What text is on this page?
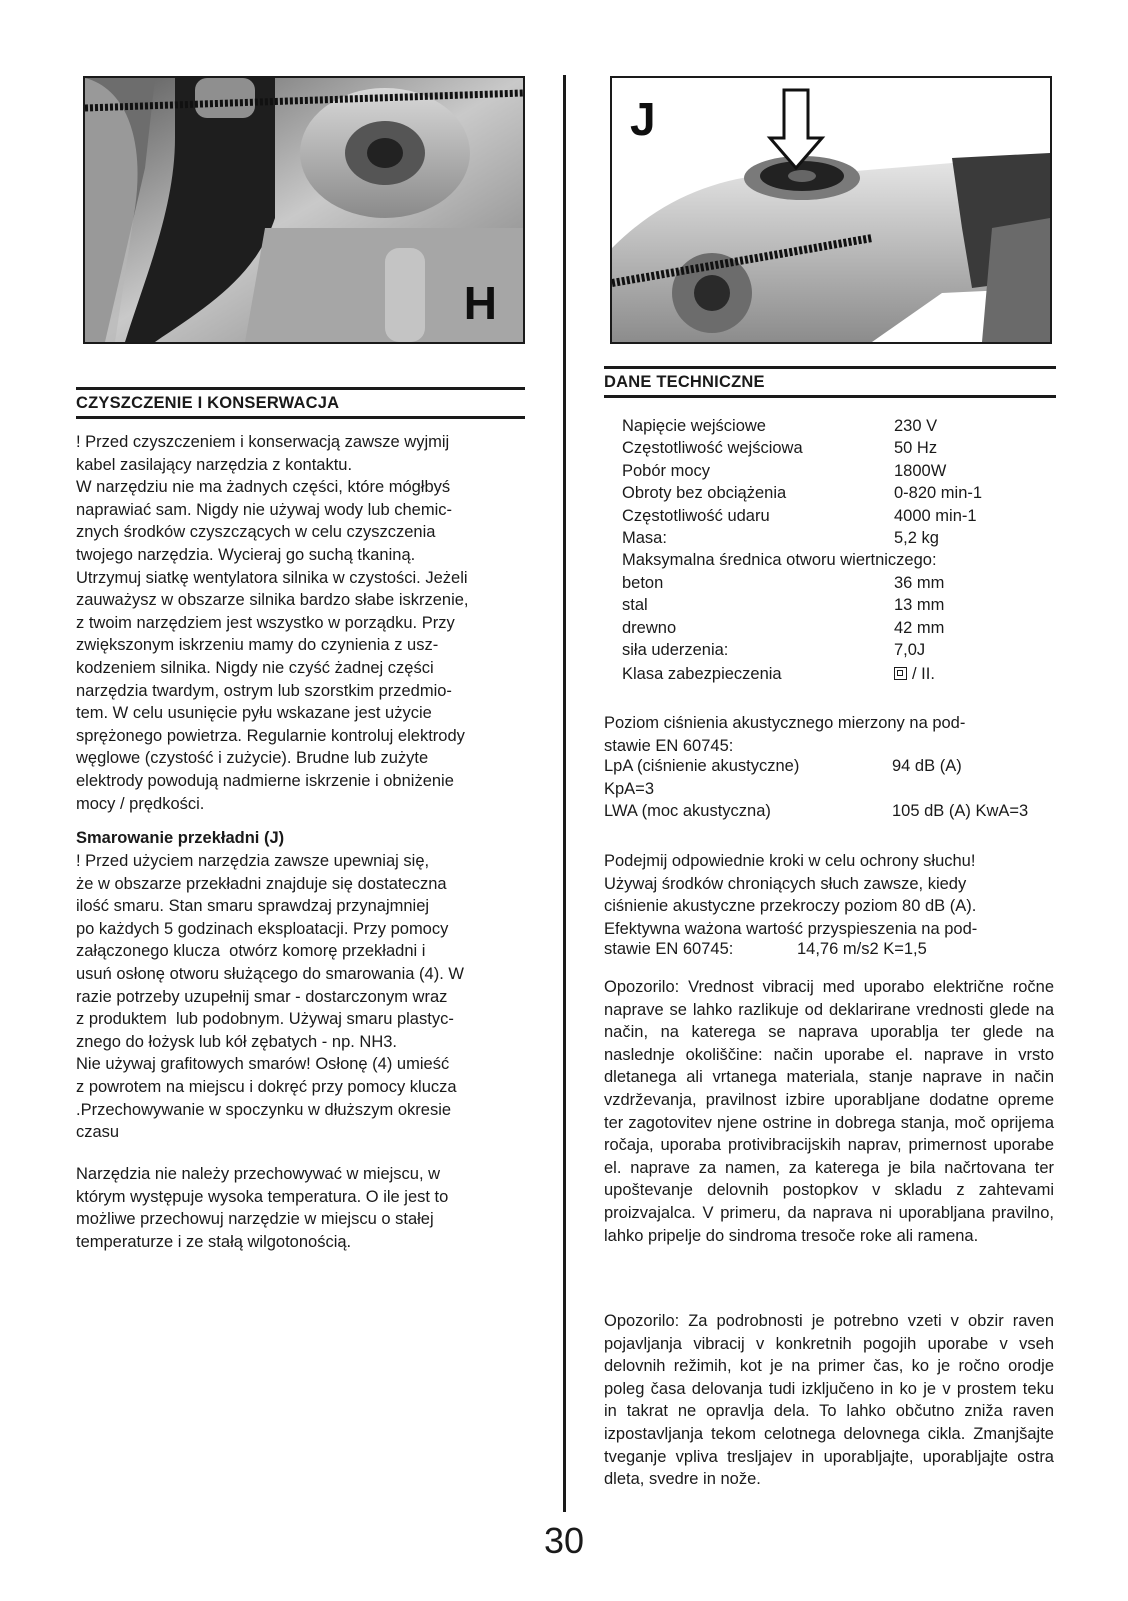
H
J
CZYSZCZENIE I KONSERWACJA
! Przed czyszczeniem i konserwacją zawsze wyjmij
kabel zasilający narzędzia z kontaktu.
W narzędziu nie ma żadnych części, które mógłbyś
naprawiać sam. Nigdy nie używaj wody lub chemic-
znych środków czyszczących w celu czyszczenia
twojego narzędzia. Wycieraj go suchą tkaniną.
Utrzymuj siatkę wentylatora silnika w czystości. Jeżeli
zauważysz w obszarze silnika bardzo słabe iskrzenie,
z twoim narzędziem jest wszystko w porządku. Przy
zwiększonym iskrzeniu mamy do czynienia z usz-
kodzeniem silnika. Nigdy nie czyść żadnej części
narzędzia twardym, ostrym lub szorstkim przedmio-
tem. W celu usunięcie pyłu wskazane jest użycie
sprężonego powietrza. Regularnie kontroluj elektrody
węglowe (czystość i zużycie). Brudne lub zużyte
elektrody powodują nadmierne iskrzenie i obniżenie
mocy / prędkości.
Smarowanie przekładni (J)
! Przed użyciem narzędzia zawsze upewniaj się,
że w obszarze przekładni znajduje się dostateczna
ilość smaru. Stan smaru sprawdzaj przynajmniej
po każdych 5 godzinach eksploatacji. Przy pomocy
załączonego klucza  otwórz komorę przekładni i
usuń osłonę otworu służącego do smarowania (4). W
razie potrzeby uzupełnij smar - dostarczonym wraz
z produktem  lub podobnym. Używaj smaru plastyc-
znego do łożysk lub kół zębatych - np. NH3.
Nie używaj grafitowych smarów! Osłonę (4) umieść
z powrotem na miejscu i dokręć przy pomocy klucza
.Przechowywanie w spoczynku w dłuższym okresie
czasu
Narzędzia nie należy przechowywać w miejscu, w
którym występuje wysoka temperatura. O ile jest to
możliwe przechowuj narzędzie w miejscu o stałej
temperaturze i ze stałą wilgotonością.
DANE TECHNICZNE
Napięcie wejściowe	230 V
Częstotliwość wejściowa	50 Hz
Pobór mocy	1800W
Obroty bez obciążenia	0-820 min-1
Częstotliwość udaru	4000 min-1
Masa:	5,2 kg
Maksymalna średnica otworu wiertniczego:	
beton	36 mm
stal	13 mm
drewno	42 mm
siła uderzenia:	7,0J
Klasa zabezpieczenia	/ II.
Poziom ciśnienia akustycznego mierzony na pod-
stawie EN 60745:
LpA (ciśnienie akustyczne)	94 dB (A)
KpA=3
LWA (moc akustyczna)	105 dB (A) KwA=3
Podejmij odpowiednie kroki w celu ochrony słuchu!
Używaj środków chroniących słuch zawsze, kiedy
ciśnienie akustyczne przekroczy poziom 80 dB (A).
Efektywna ważona wartość przyspieszenia na pod-
stawie EN 60745:	14,76 m/s2 K=1,5
Opozorilo: Vrednost vibracij med uporabo električne ročne naprave se lahko razlikuje od deklarirane vrednosti glede na način, na katerega se naprava uporablja ter glede na naslednje okoliščine: način uporabe el. naprave in vrsto dletanega ali vrtanega materiala, stanje naprave in način vzdrževanja, pravilnost izbire uporabljane dodatne opreme ter zagotovitev njene ostrine in dobrega stanja, moč oprijema ročaja, uporaba protivibracijskih naprav, primernost uporabe el. naprave za namen, za katerega je bila načrtovana ter upoštevanje delovnih postopkov v skladu z zahtevami proizvajalca. V primeru, da naprava ni uporabljana pravilno, lahko pripelje do sindroma tresoče roke ali ramena.
Opozorilo: Za podrobnosti je potrebno vzeti v obzir raven pojavljanja vibracij v konkretnih pogojih uporabe v vseh delovnih režimih, kot je na primer čas, ko je ročno orodje poleg časa delovanja tudi izključeno in ko je v prostem teku in takrat ne opravlja dela. To lahko občutno zniža raven izpostavljanja tekom celotnega delovnega cikla. Zmanjšajte tveganje vpliva tresljajev in uporabljajte, uporabljajte ostra dleta, svedre in nože.
30
